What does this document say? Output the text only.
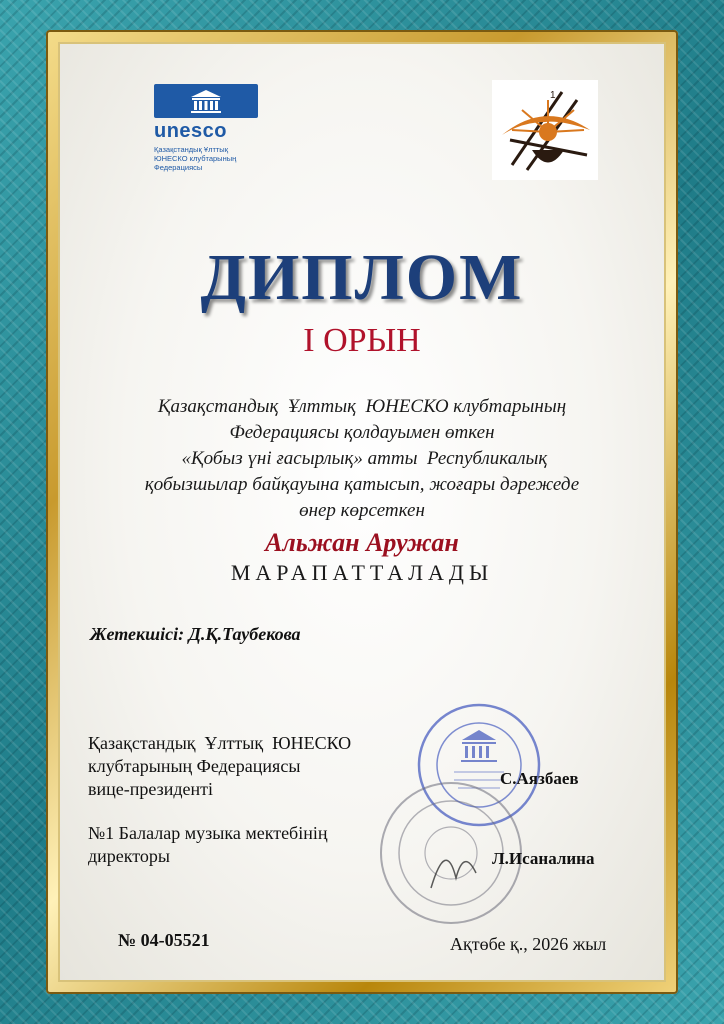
unesco
Қазақстандық Ұлттық
ЮНЕСКО клубтарының
Федерациясы
1
ДИПЛОМ
I ОРЫН
Қазақстандық  Ұлттық  ЮНЕСКО клубтарының
Федерациясы қолдауымен өткен
«Қобыз үні ғасырлық» атты  Республикалық
қобызшылар байқауына қатысып, жоғары дәрежеде
өнер көрсеткен
Альжан Аружан
МАРАПАТТАЛАДЫ
Жетекшісі: Д.Қ.Таубекова
Қазақстандық  Ұлттық  ЮНЕСКО
клубтарының Федерациясы
вице-президенті
С.Аязбаев
№1 Балалар музыка мектебінің
директоры	Л.Исаналина
№ 04-05521	Ақтөбе қ., 2026 жыл
